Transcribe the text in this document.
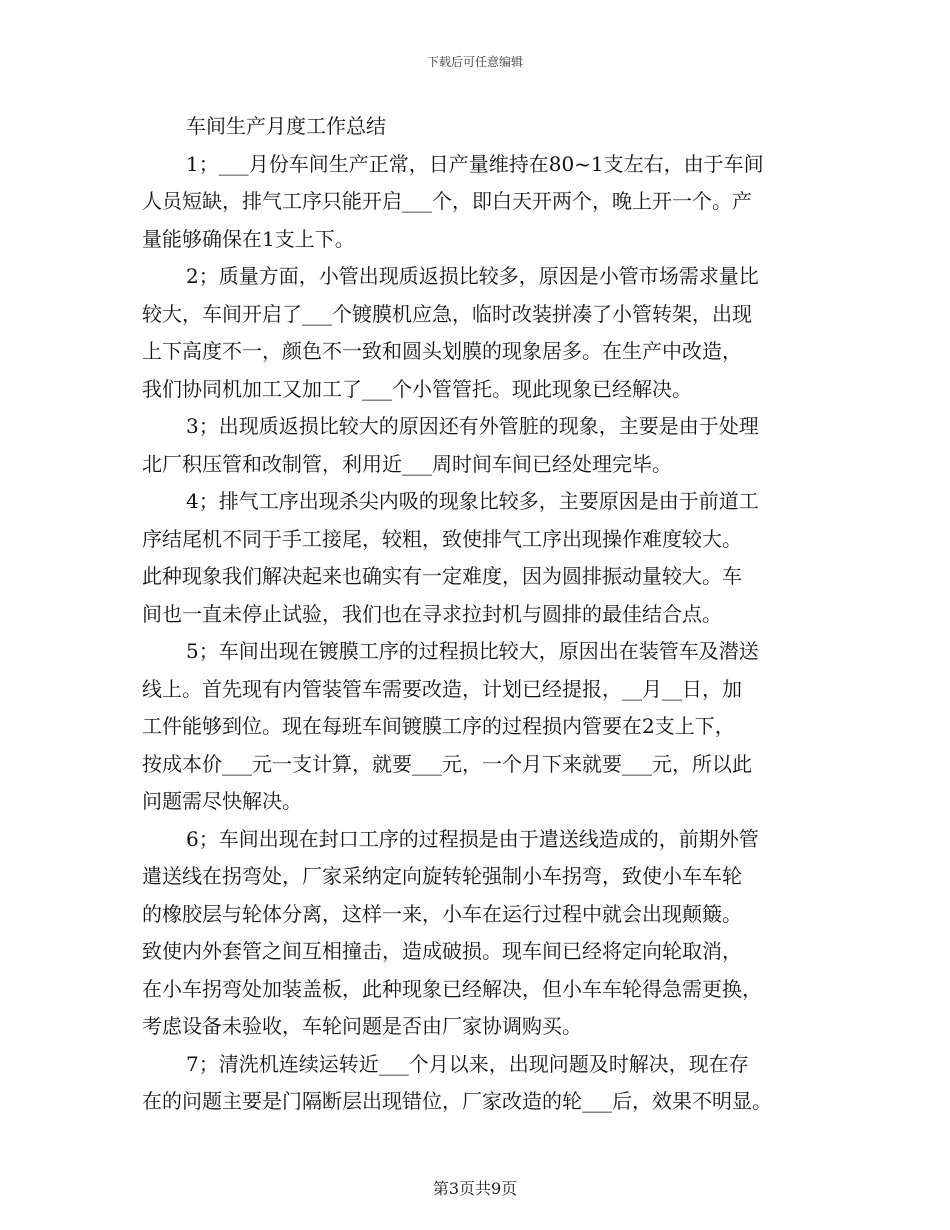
下载后可任意编辑
车间生产月度工作总结
1；___月份车间生产正常，日产量维持在80~1支左右，由于车间
人员短缺，排气工序只能开启___个，即白天开两个，晚上开一个。产
量能够确保在1支上下。
2；质量方面，小管出现质返损比较多，原因是小管市场需求量比
较大，车间开启了___个镀膜机应急，临时改装拼凑了小管转架，出现
上下高度不一，颜色不一致和圆头划膜的现象居多。在生产中改造，
我们协同机加工又加工了___个小管管托。现此现象已经解决。
3；出现质返损比较大的原因还有外管脏的现象，主要是由于处理
北厂积压管和改制管，利用近___周时间车间已经处理完毕。
4；排气工序出现杀尖内吸的现象比较多，主要原因是由于前道工
序结尾机不同于手工接尾，较粗，致使排气工序出现操作难度较大。
此种现象我们解决起来也确实有一定难度，因为圆排振动量较大。车
间也一直未停止试验，我们也在寻求拉封机与圆排的最佳结合点。
5；车间出现在镀膜工序的过程损比较大，原因出在装管车及潜送
线上。首先现有内管装管车需要改造，计划已经提报，__月__日，加
工件能够到位。现在每班车间镀膜工序的过程损内管要在2支上下，
按成本价___元一支计算，就要___元，一个月下来就要___元，所以此
问题需尽快解决。
6；车间出现在封口工序的过程损是由于遣送线造成的，前期外管
遣送线在拐弯处，厂家采纳定向旋转轮强制小车拐弯，致使小车车轮
的橡胶层与轮体分离，这样一来，小车在运行过程中就会出现颠簸。
致使内外套管之间互相撞击，造成破损。现车间已经将定向轮取消，
在小车拐弯处加装盖板，此种现象已经解决，但小车车轮得急需更换，
考虑设备未验收，车轮问题是否由厂家协调购买。
7；清洗机连续运转近___个月以来，出现问题及时解决，现在存
在的问题主要是门隔断层出现错位，厂家改造的轮___后，效果不明显。
第3页共9页
